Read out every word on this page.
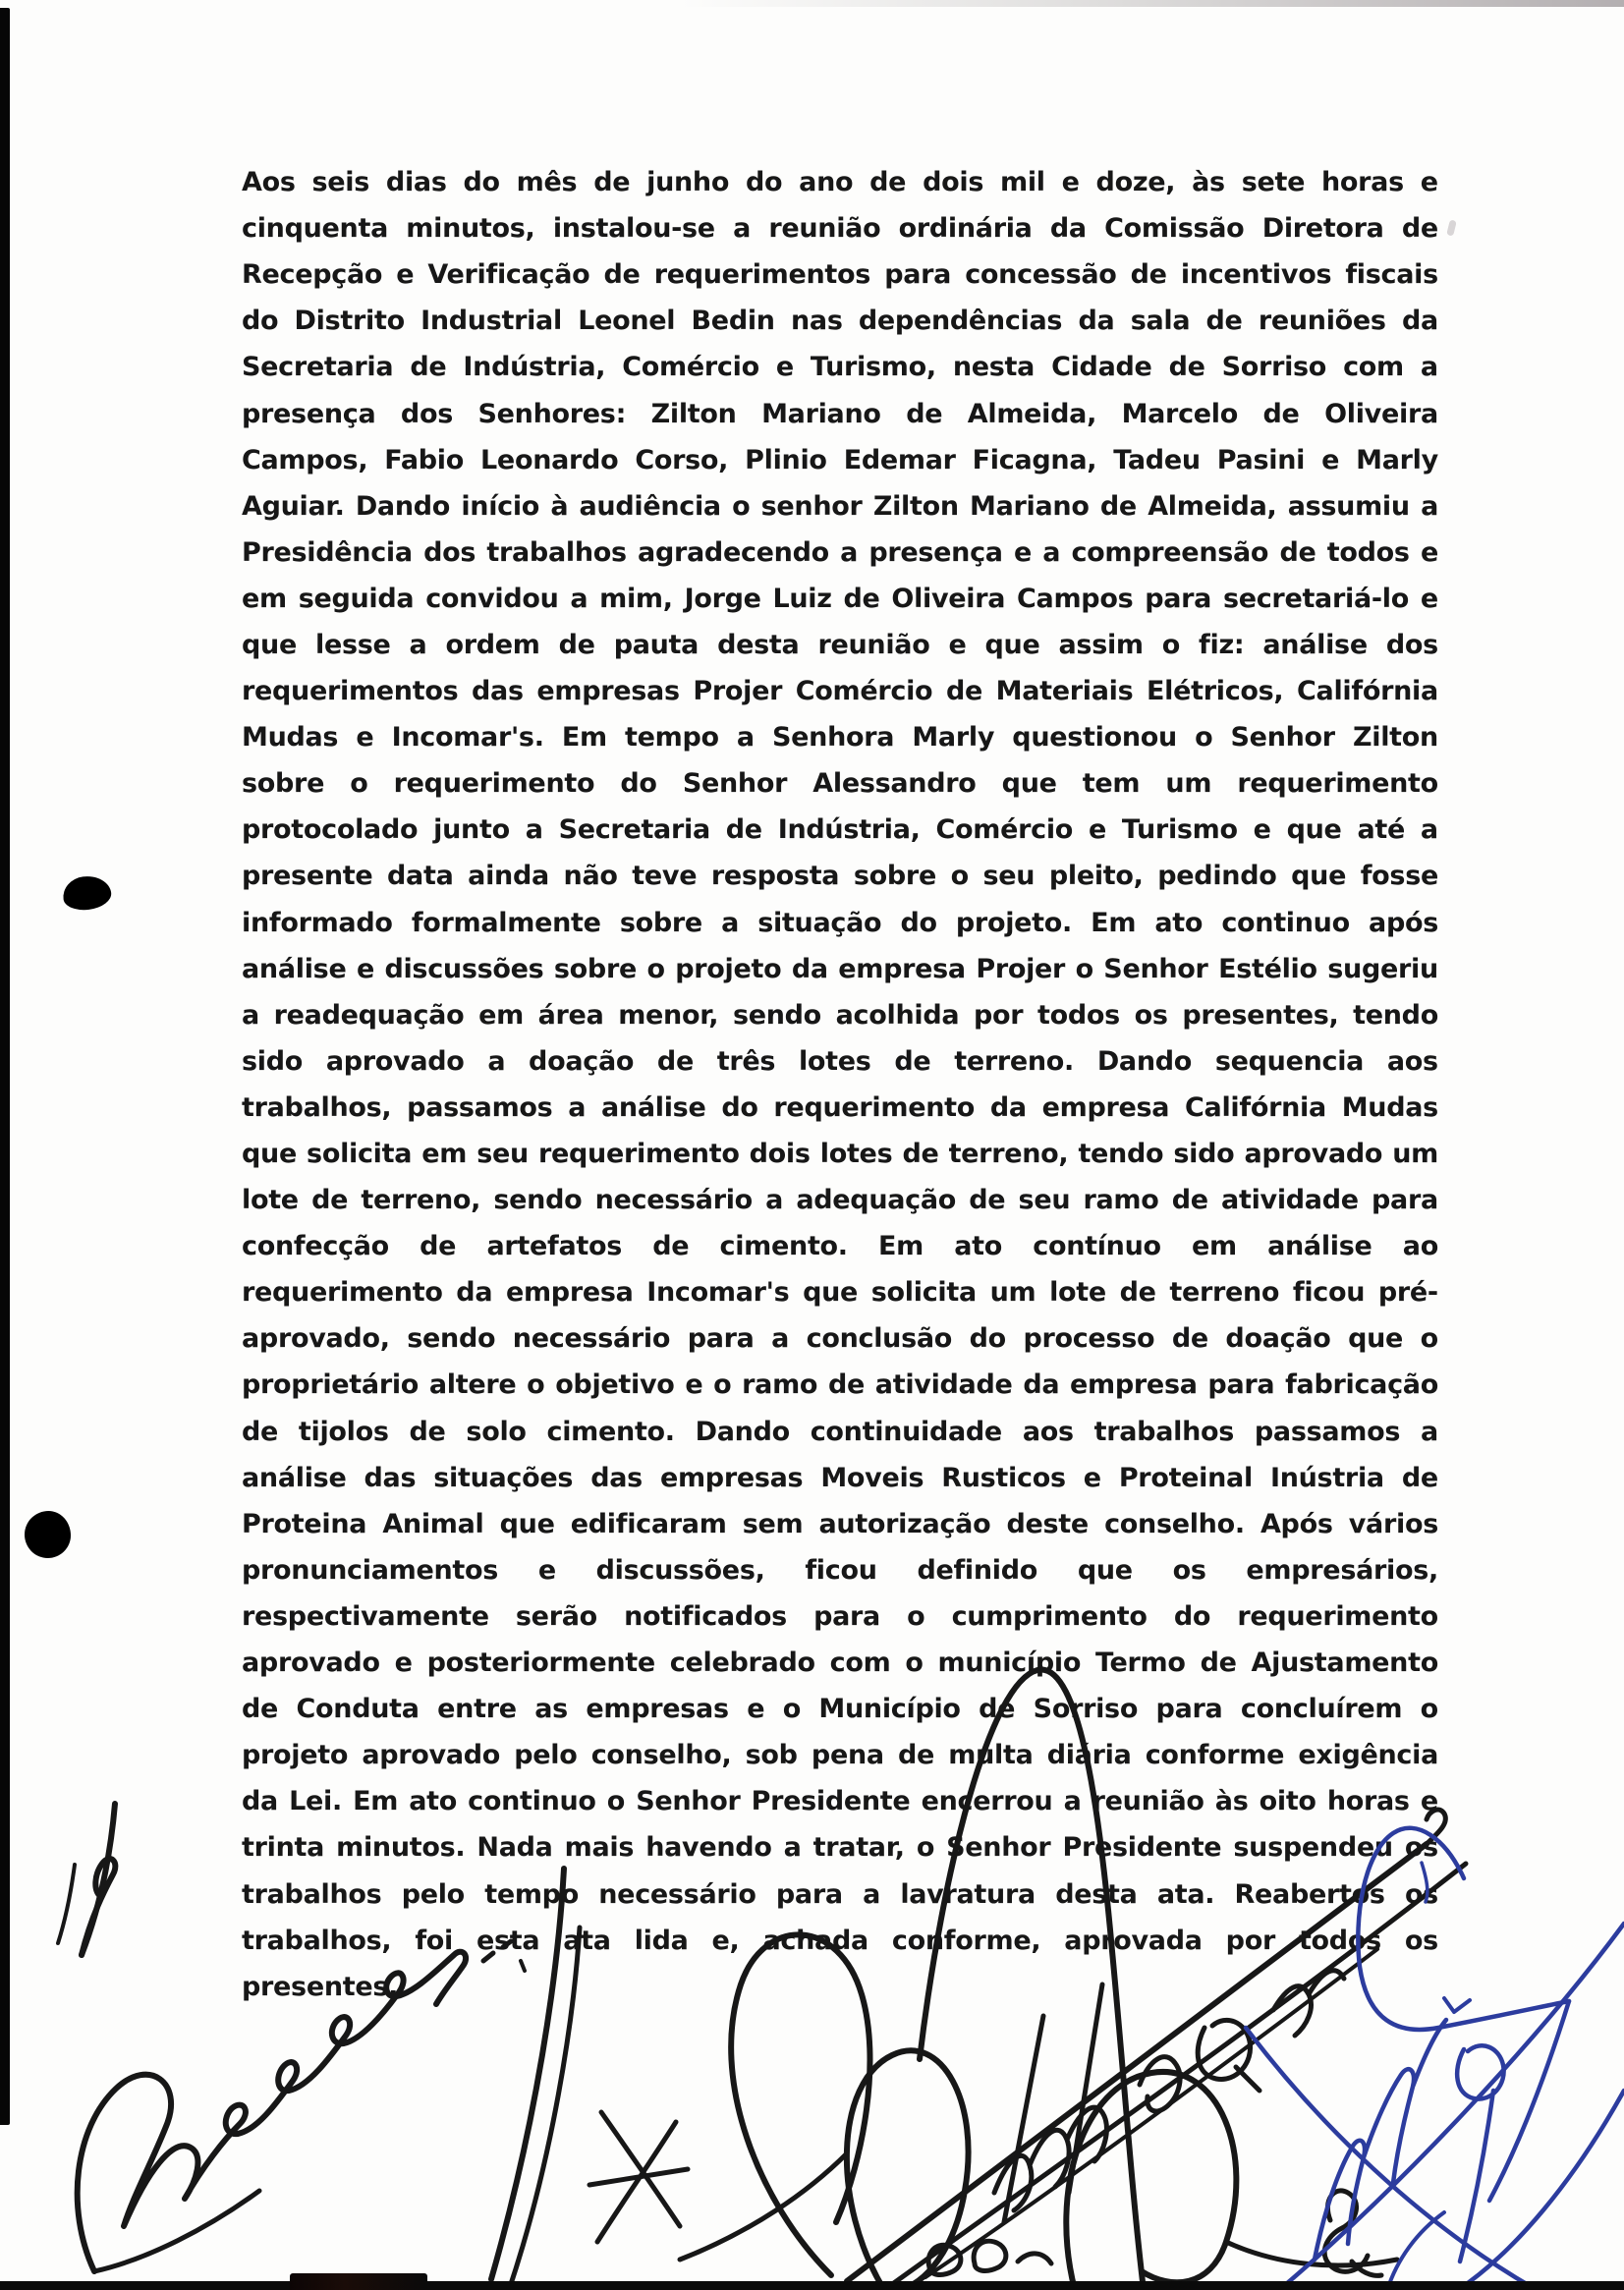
Aos seis dias do mês de junho do ano de dois mil e doze, às sete horas e
cinquenta minutos, instalou-se a reunião ordinária da Comissão Diretora de
Recepção e Verificação de requerimentos para concessão de incentivos fiscais
do Distrito Industrial Leonel Bedin nas dependências da sala de reuniões da
Secretaria de Indústria, Comércio e Turismo, nesta Cidade de Sorriso com a
presença dos Senhores: Zilton Mariano de Almeida, Marcelo de Oliveira
Campos, Fabio Leonardo Corso, Plinio Edemar Ficagna, Tadeu Pasini e Marly
Aguiar. Dando início à audiência o senhor Zilton Mariano de Almeida, assumiu a
Presidência dos trabalhos agradecendo a presença e a compreensão de todos e
em seguida convidou a mim, Jorge Luiz de Oliveira Campos para secretariá-lo e
que lesse a ordem de pauta desta reunião e que assim o fiz: análise dos
requerimentos das empresas Projer Comércio de Materiais Elétricos, Califórnia
Mudas e Incomar's. Em tempo a Senhora Marly questionou o Senhor Zilton
sobre o requerimento do Senhor Alessandro que tem um requerimento
protocolado junto a Secretaria de Indústria, Comércio e Turismo e que até a
presente data ainda não teve resposta sobre o seu pleito, pedindo que fosse
informado formalmente sobre a situação do projeto. Em ato continuo após
análise e discussões sobre o projeto da empresa Projer o Senhor Estélio sugeriu
a readequação em área menor, sendo acolhida por todos os presentes, tendo
sido aprovado a doação de três lotes de terreno. Dando sequencia aos
trabalhos, passamos a análise do requerimento da empresa Califórnia Mudas
que solicita em seu requerimento dois lotes de terreno, tendo sido aprovado um
lote de terreno, sendo necessário a adequação de seu ramo de atividade para
confecção de artefatos de cimento. Em ato contínuo em análise ao
requerimento da empresa Incomar's que solicita um lote de terreno ficou pré-
aprovado, sendo necessário para a conclusão do processo de doação que o
proprietário altere o objetivo e o ramo de atividade da empresa para fabricação
de tijolos de solo cimento. Dando continuidade aos trabalhos passamos a
análise das situações das empresas Moveis Rusticos e Proteinal Inústria de
Proteina Animal que edificaram sem autorização deste conselho. Após vários
pronunciamentos e discussões, ficou definido que os empresários,
respectivamente serão notificados para o cumprimento do requerimento
aprovado e posteriormente celebrado com o município Termo de Ajustamento
de Conduta entre as empresas e o Município de Sorriso para concluírem o
projeto aprovado pelo conselho, sob pena de multa diária conforme exigência
da Lei. Em ato continuo o Senhor Presidente encerrou a reunião às oito horas e
trinta minutos. Nada mais havendo a tratar, o Senhor Presidente suspendeu os
trabalhos pelo tempo necessário para a lavratura desta ata. Reabertos os
trabalhos, foi esta ata lida e, achada conforme, aprovada por todos os
presentes.
